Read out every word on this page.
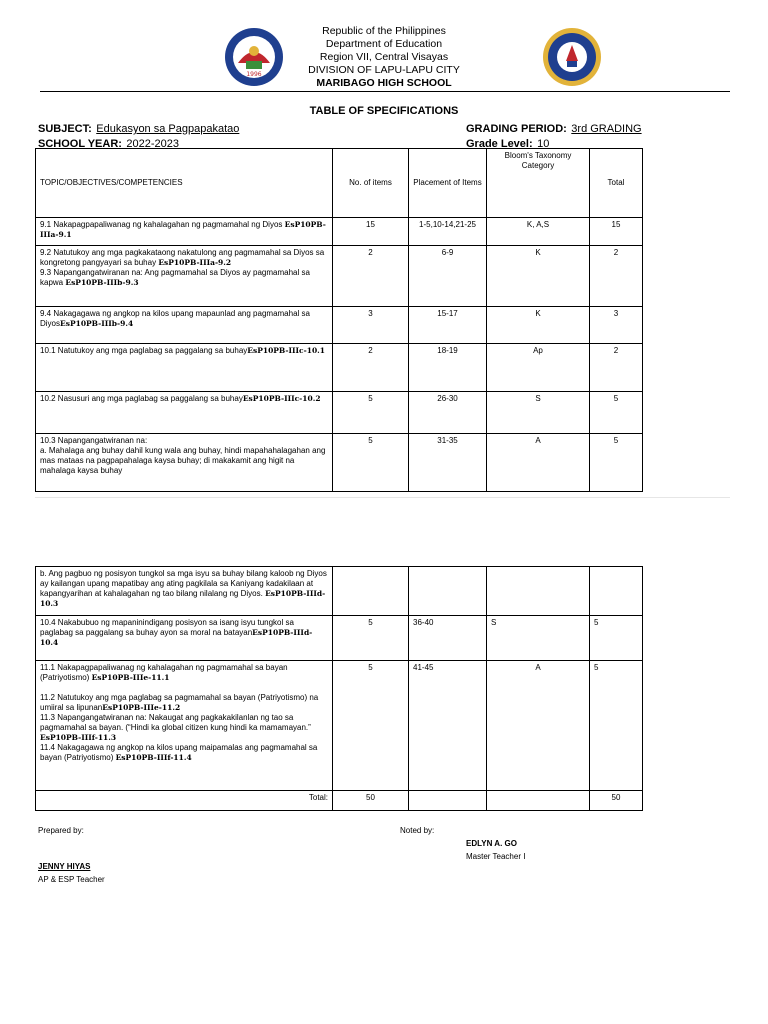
1996
Republic of the Philippines
Department of Education
Region VII, Central Visayas
DIVISION OF LAPU-LAPU CITY
MARIBAGO HIGH SCHOOL
TABLE OF SPECIFICATIONS
SUBJECT: Edukasyon sa Pagpapakatao
SCHOOL YEAR: 2022-2023
GRADING PERIOD: 3rd GRADING
Grade Level: 10
TOPIC/OBJECTIVES/COMPETENCIES	No. of items	Placement of Items	Bloom's Taxonomy Category	Total
9.1 Nakapagpapaliwanag ng kahalagahan ng pagmamahal ng Diyos EsP10PB-IIIa-9.1	15	1-5,10-14,21-25	K, A,S	15
9.2 Natutukoy ang mga pagkakataong nakatulong ang pagmamahal sa Diyos sa kongretong pangyayari sa buhay EsP10PB-IIIa-9.2
9.3 Napangangatwiranan na: Ang pagmamahal sa Diyos ay pagmamahal sa kapwa EsP10PB-IIIb-9.3	2	6-9	K	2
9.4 Nakagagawa ng angkop na kilos upang mapaunlad ang pagmamahal sa DiyosEsP10PB-IIIb-9.4	3	15-17	K	3
10.1 Natutukoy ang mga paglabag sa paggalang sa buhayEsP10PB-IIIc-10.1	2	18-19	Ap	2
10.2 Nasusuri ang mga paglabag sa paggalang sa buhayEsP10PB-IIIc-10.2	5	26-30	S	5
10.3 Napangangatwiranan na:
a. Mahalaga ang buhay dahil kung wala ang buhay, hindi mapahahalagahan ang mas mataas na pagpapahalaga kaysa buhay; di makakamit ang higit na mahalaga kaysa buhay	5	31-35	A	5
b. Ang pagbuo ng posisyon tungkol sa mga isyu sa buhay bilang kaloob ng Diyos ay kailangan upang mapatibay ang ating pagkilala sa Kaniyang kadakilaan at kapangyarihan at kahalagahan ng tao bilang nilalang ng Diyos. EsP10PB-IIId-10.3				
10.4 Nakabubuo ng mapaninindigang posisyon sa isang isyu tungkol sa paglabag sa paggalang sa buhay ayon sa moral na batayanEsP10PB-IIId-10.4	5	36-40	S	5
11.1 Nakapagpapaliwanag ng kahalagahan ng pagmamahal sa bayan (Patriyotismo) EsP10PB-IIIe-11.1
11.2 Natutukoy ang mga paglabag sa pagmamahal sa bayan (Patriyotismo) na umiiral sa lipunanEsP10PB-IIIe-11.2
11.3 Napangangatwiranan na: Nakaugat ang pagkakakilanlan ng tao sa pagmamahal sa bayan. (“Hindi ka global citizen kung hindi ka mamamayan.” EsP10PB-IIIf-11.3
11.4 Nakagagawa ng angkop na kilos upang maipamalas ang pagmamahal sa bayan (Patriyotismo) EsP10PB-IIIf-11.4	5	41-45	A	5
Total:	50			50
Prepared by:	Noted by:
EDLYN A. GO
Master Teacher I
JENNY HIYAS
AP & ESP Teacher
